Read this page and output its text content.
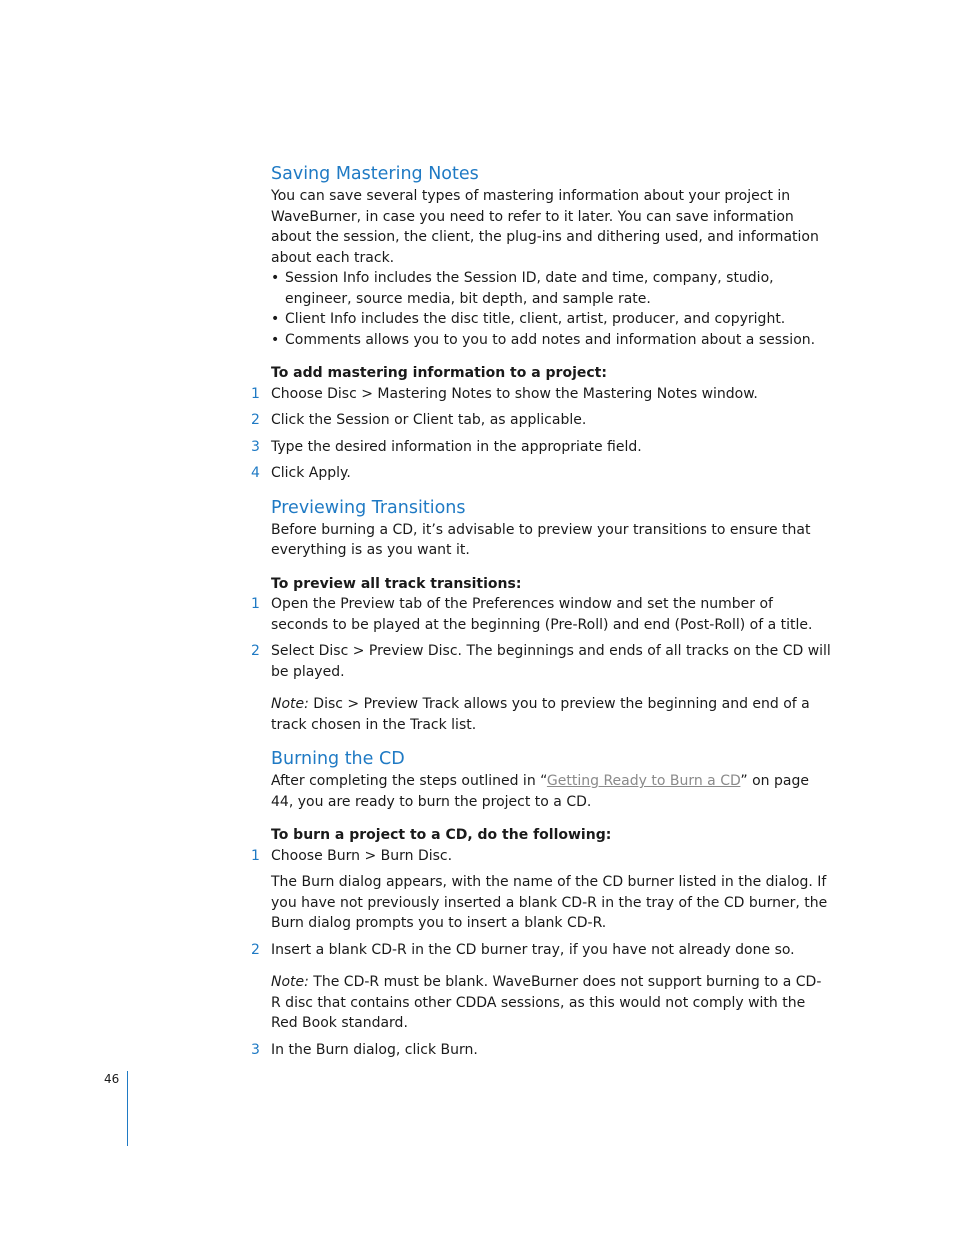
Saving Mastering Notes

You can save several types of mastering information about your project in WaveBurner, in case you need to refer to it later. You can save information about the session, the client, the plug-ins and dithering used, and information about each track.

• Session Info includes the Session ID, date and time, company, studio, engineer, source media, bit depth, and sample rate.
• Client Info includes the disc title, client, artist, producer, and copyright.
• Comments allows you to you to add notes and information about a session.

To add mastering information to a project:

1 Choose Disc > Mastering Notes to show the Mastering Notes window.
2 Click the Session or Client tab, as applicable.
3 Type the desired information in the appropriate field.
4 Click Apply.
Previewing Transitions

Before burning a CD, it’s advisable to preview your transitions to ensure that everything is as you want it.

To preview all track transitions:

1 Open the Preview tab of the Preferences window and set the number of seconds to be played at the beginning (Pre-Roll) and end (Post-Roll) of a title.
2 Select Disc > Preview Disc. The beginnings and ends of all tracks on the CD will be played.

Note: Disc > Preview Track allows you to preview the beginning and end of a track chosen in the Track list.

Burning the CD

After completing the steps outlined in “Getting Ready to Burn a CD” on page 44, you are ready to burn the project to a CD.

To burn a project to a CD, do the following:

1 Choose Burn > Burn Disc.

The Burn dialog appears, with the name of the CD burner listed in the dialog. If you have not previously inserted a blank CD-R in the tray of the CD burner, the Burn dialog prompts you to insert a blank CD-R.

2 Insert a blank CD-R in the CD burner tray, if you have not already done so.

Note: The CD-R must be blank. WaveBurner does not support burning to a CD-R disc that contains other CDDA sessions, as this would not comply with the Red Book standard.

3 In the Burn dialog, click Burn.
46
